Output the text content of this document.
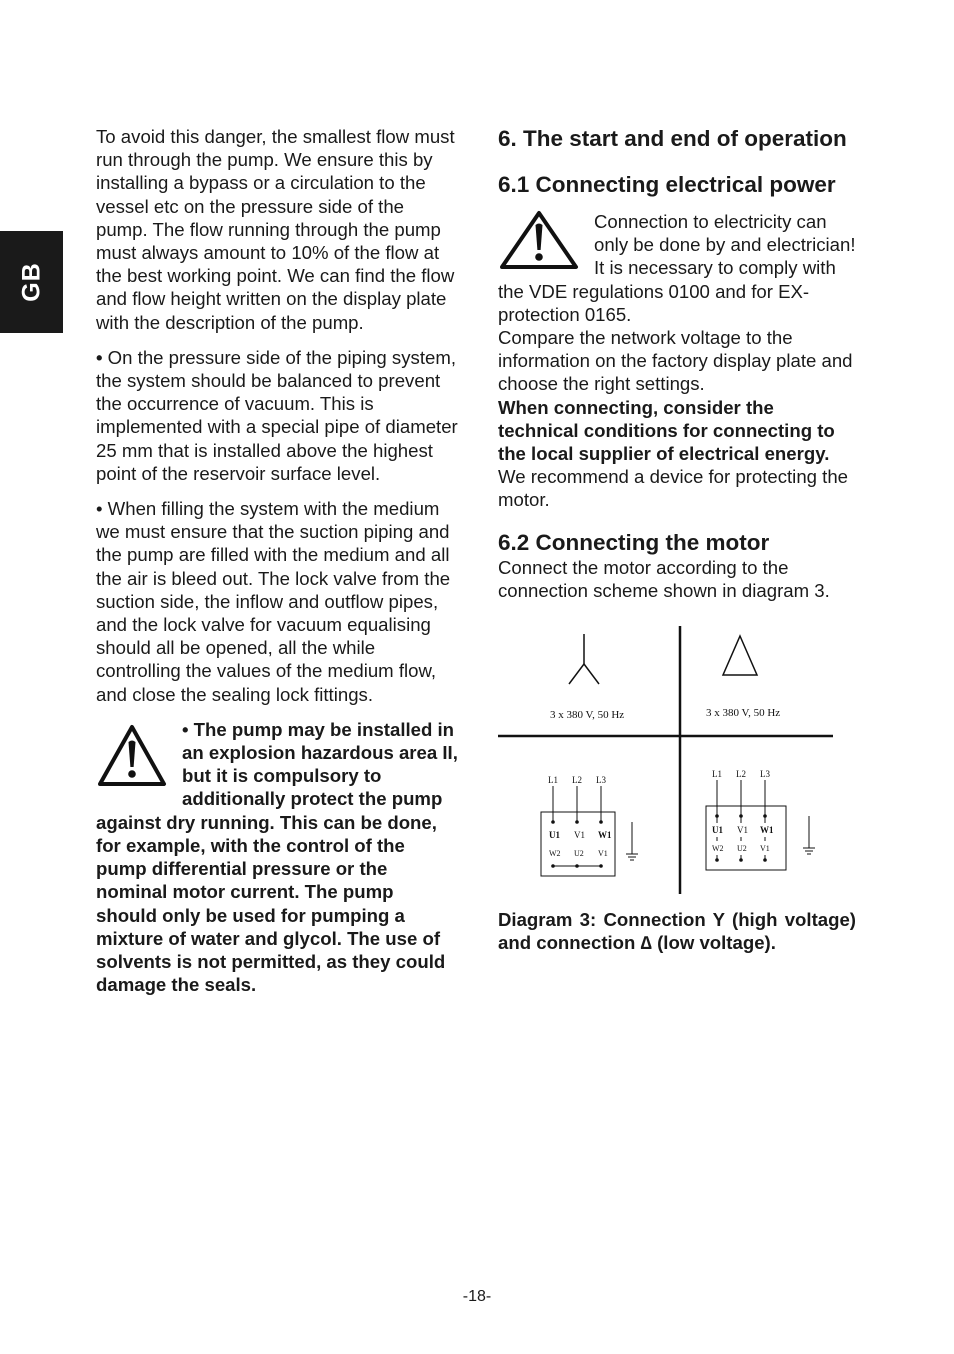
GB

To avoid this danger, the smallest flow must run through the pump. We ensure this by installing a bypass or a circulation to the vessel etc on the pressure side of the pump. The flow running through the pump must always amount to 10% of the flow at the best working point. We can find the flow and flow height written on the display plate with the description of the pump.

• On the pressure side of the piping system, the system should be balanced to prevent the occurrence of vacuum. This is implemented with a special pipe of diameter 25 mm that is installed above the highest point of the reservoir surface level.

• When filling the system with the medium we must ensure that the suction piping and the pump are filled with the medium and all the air is bleed out. The lock valve from the suction side, the inflow and outflow pipes, and the lock valve for vacuum equalising should all be opened, all the while controlling the values of the medium flow, and close the sealing lock fittings.

• The pump may be installed in an explosion hazardous area II, but it is compulsory to additionally protect the pump against dry running. This can be done, for example, with the control of the pump differential pressure or the nominal motor current. The pump should only be used for pumping a mixture of water and glycol. The use of solvents is not permitted, as they could damage the seals.

6. The start and end of operation
6.1 Connecting electrical power

Connection to electricity can only be done by and electrician! It is necessary to comply with the VDE regulations 0100 and for EX- protection 0165.

Compare the network voltage to the information on the factory display plate and choose the right settings.

When connecting, consider the technical conditions for connecting to the local supplier of electrical energy.

We recommend a device for protecting the motor.

6.2 Connecting the motor

Connect the motor according to the connection scheme shown in diagram 3.

3 x 380 V, 50 Hz	3 x 380 V, 50 Hz
L1 L2 L3
U1 V1 W1
W2 U2 V1
L1 L2 L3
U1 V1 W1
W2 U2 V1

Diagram 3: Connection Y (high voltage) and connection ∆ (low voltage).

-18-
